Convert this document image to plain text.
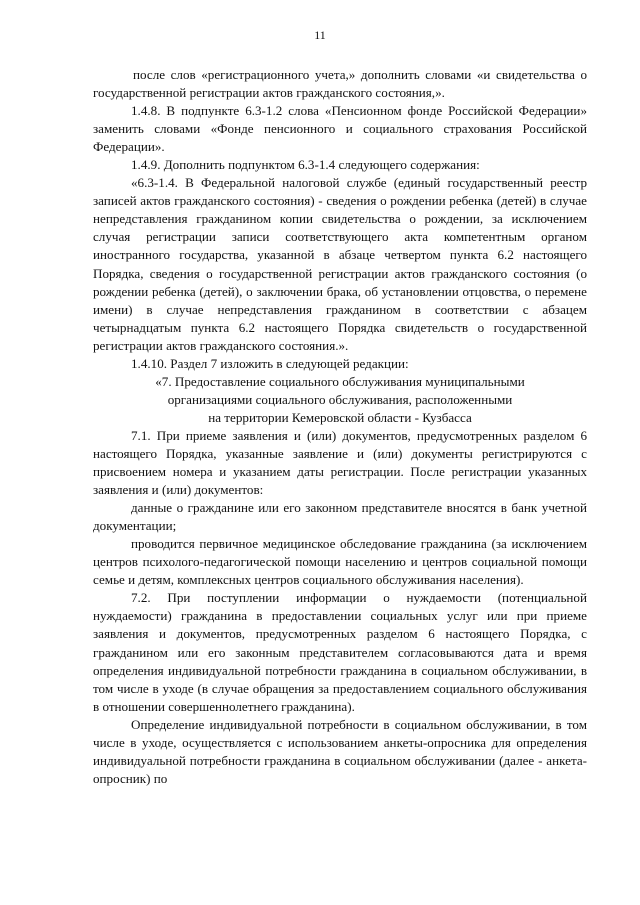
11

после слов «регистрационного учета,» дополнить словами «и свидетельства о государственной регистрации актов гражданского состояния,».

1.4.8. В подпункте 6.3-1.2 слова «Пенсионном фонде Российской Федерации» заменить словами «Фонде пенсионного и социального страхования Российской Федерации».

1.4.9. Дополнить подпунктом 6.3-1.4 следующего содержания:

«6.3-1.4. В Федеральной налоговой службе (единый государственный реестр записей актов гражданского состояния) - сведения о рождении ребенка (детей) в случае непредставления гражданином копии свидетельства о рождении, за исключением случая регистрации записи соответствующего акта компетентным органом иностранного государства, указанной в абзаце четвертом пункта 6.2 настоящего Порядка, сведения о государственной регистрации актов гражданского состояния (о рождении ребенка (детей), о заключении брака, об установлении отцовства, о перемене имени) в случае непредставления гражданином в соответствии с абзацем четырнадцатым пункта 6.2 настоящего Порядка свидетельств о государственной регистрации актов гражданского состояния.».

1.4.10. Раздел 7 изложить в следующей редакции:

«7. Предоставление социального обслуживания муниципальными

организациями социального обслуживания, расположенными

на территории Кемеровской области - Кузбасса

7.1. При приеме заявления и (или) документов, предусмотренных разделом 6 настоящего Порядка, указанные заявление и (или) документы регистрируются с присвоением номера и указанием даты регистрации. После регистрации указанных заявления и (или) документов:

данные о гражданине или его законном представителе вносятся в банк учетной документации;

проводится первичное медицинское обследование гражданина (за исключением центров психолого-педагогической помощи населению и центров социальной помощи семье и детям, комплексных центров социального обслуживания населения).

7.2. При поступлении информации о нуждаемости (потенциальной нуждаемости) гражданина в предоставлении социальных услуг или при приеме заявления и документов, предусмотренных разделом 6 настоящего Порядка, с гражданином или его законным представителем согласовываются дата и время определения индивидуальной потребности гражданина в социальном обслуживании, в том числе в уходе (в случае обращения за предоставлением социального обслуживания в отношении совершеннолетнего гражданина).

Определение индивидуальной потребности в социальном обслуживании, в том числе в уходе, осуществляется с использованием анкеты-опросника для определения индивидуальной потребности гражданина в социальном обслуживании (далее - анкета-опросник) по
